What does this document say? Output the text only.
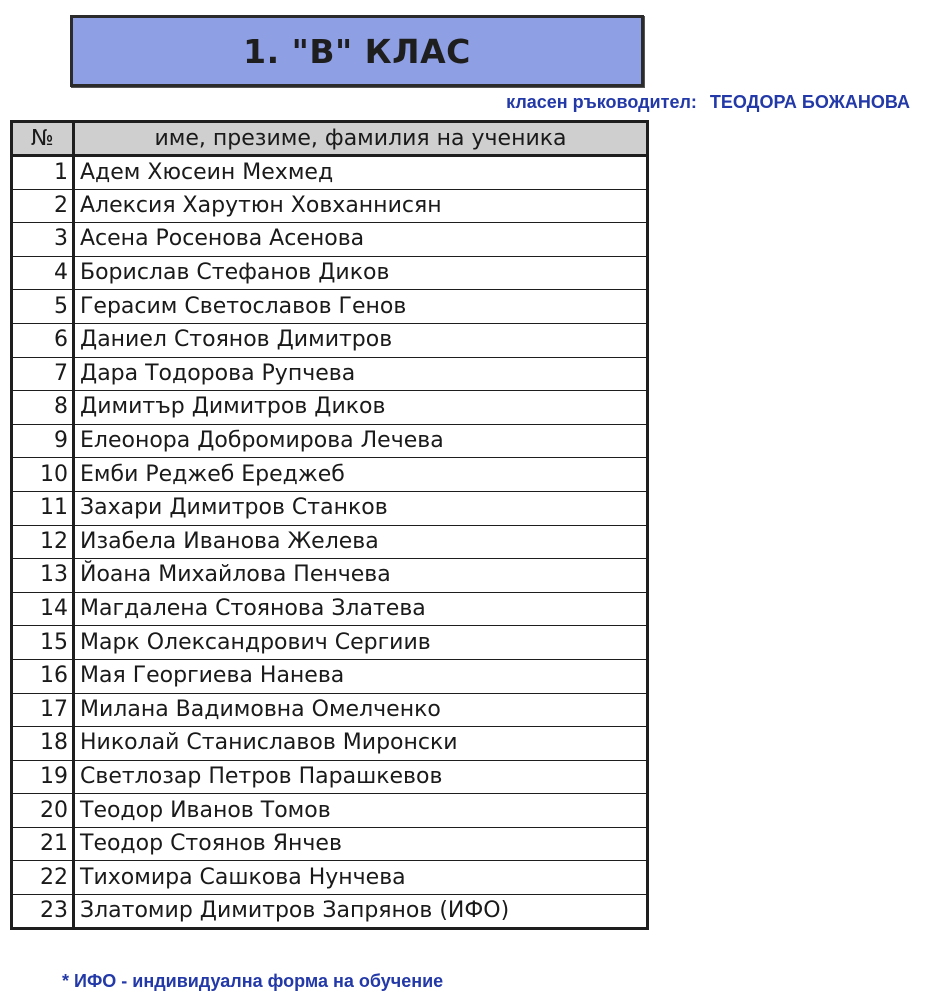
1. "В" КЛАС
класен ръководител: ТЕОДОРА БОЖАНОВА
№	име, презиме, фамилия на ученика
1	Адем Хюсеин Мехмед
2	Алексия Харутюн Ховханнисян
3	Асена Росенова Асенова
4	Борислав Стефанов Диков
5	Герасим Светославов Генов
6	Даниел Стоянов Димитров
7	Дара Тодорова Рупчева
8	Димитър Димитров Диков
9	Елеонора Добромирова Лечева
10	Емби Реджеб Ереджеб
11	Захари Димитров Станков
12	Изабела Иванова Желева
13	Йоана Михайлова Пенчева
14	Магдалена Стоянова Златева
15	Марк Олександрович Сергиив
16	Мая Георгиева Нанева
17	Милана Вадимовна Омелченко
18	Николай Станиславов Миронски
19	Светлозар Петров Парашкевов
20	Теодор Иванов Томов
21	Теодор Стоянов Янчев
22	Тихомира Сашкова Нунчева
23	Златомир Димитров Запрянов (ИФО)
* ИФО - индивидуална форма на обучение
